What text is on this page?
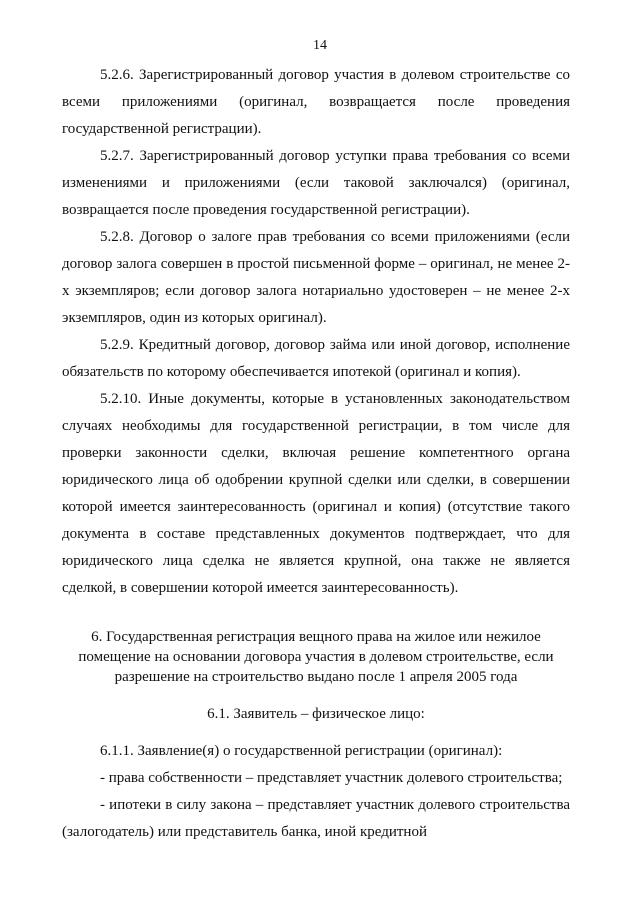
14

5.2.6. Зарегистрированный договор участия в долевом строительстве со всеми приложениями (оригинал, возвращается после проведения государственной регистрации).

5.2.7. Зарегистрированный договор уступки права требования со всеми изменениями и приложениями (если таковой заключался) (оригинал, возвращается после проведения государственной регистрации).

5.2.8. Договор о залоге прав требования со всеми приложениями (если договор залога совершен в простой письменной форме – оригинал, не менее 2-х экземпляров; если договор залога нотариально удостоверен – не менее 2-х экземпляров, один из которых оригинал).

5.2.9. Кредитный договор, договор займа или иной договор, исполнение обязательств по которому обеспечивается ипотекой (оригинал и копия).

5.2.10. Иные документы, которые в установленных законодательством случаях необходимы для государственной регистрации, в том числе для проверки законности сделки, включая решение компетентного органа юридического лица об одобрении крупной сделки или сделки, в совершении которой имеется заинтересованность (оригинал и копия) (отсутствие такого документа в составе представленных документов подтверждает, что для юридического лица сделка не является крупной, она также не является сделкой, в совершении которой имеется заинтересованность).

6. Государственная регистрация вещного права на жилое или нежилое помещение на основании договора участия в долевом строительстве, если разрешение на строительство выдано после 1 апреля 2005 года

6.1. Заявитель – физическое лицо:

6.1.1. Заявление(я) о государственной регистрации (оригинал):

- права собственности – представляет участник долевого строительства;

- ипотеки в силу закона – представляет участник долевого строительства (залогодатель) или представитель банка, иной кредитной
